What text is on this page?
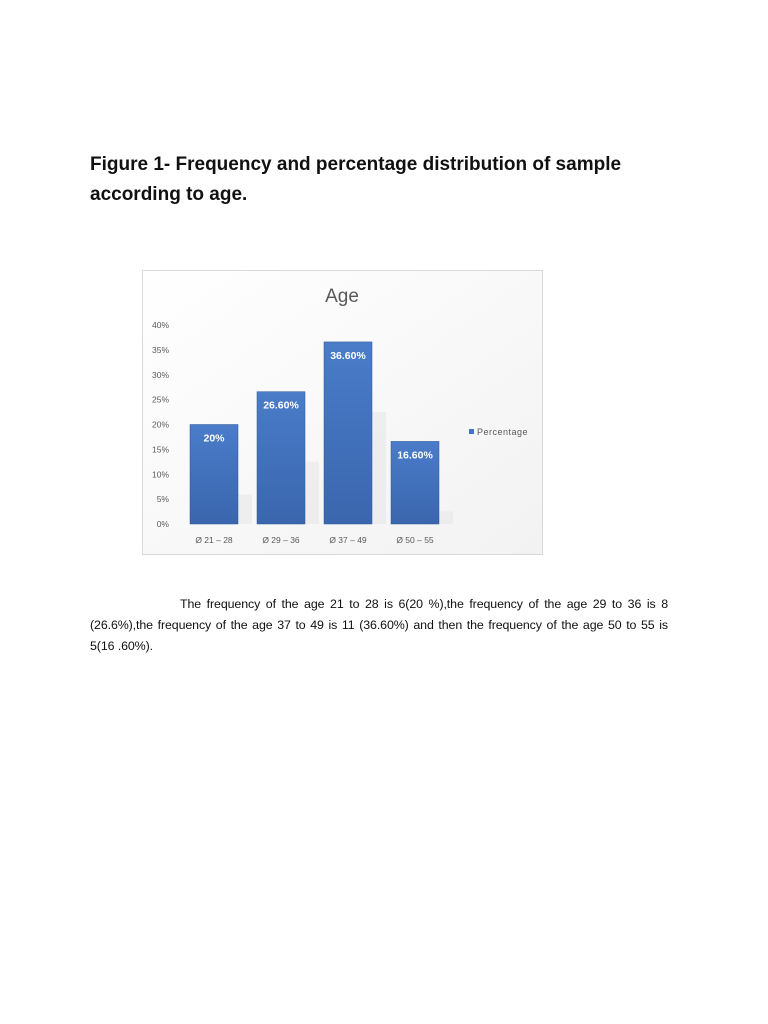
Figure 1- Frequency and percentage distribution of sample according to age.
Age
0%
5%
10%
15%
20%
25%
30%
35%
40%
20%
26.60%
36.60%
16.60%
Ø 21 – 28	Ø 29 – 36	Ø 37 – 49	Ø 50 – 55
Percentage
The frequency of the age 21 to 28 is 6(20 %),the frequency of the age 29 to 36 is 8 (26.6%),the frequency of the age 37 to 49 is 11 (36.60%) and then the frequency of the age 50 to 55 is 5(16 .60%).
